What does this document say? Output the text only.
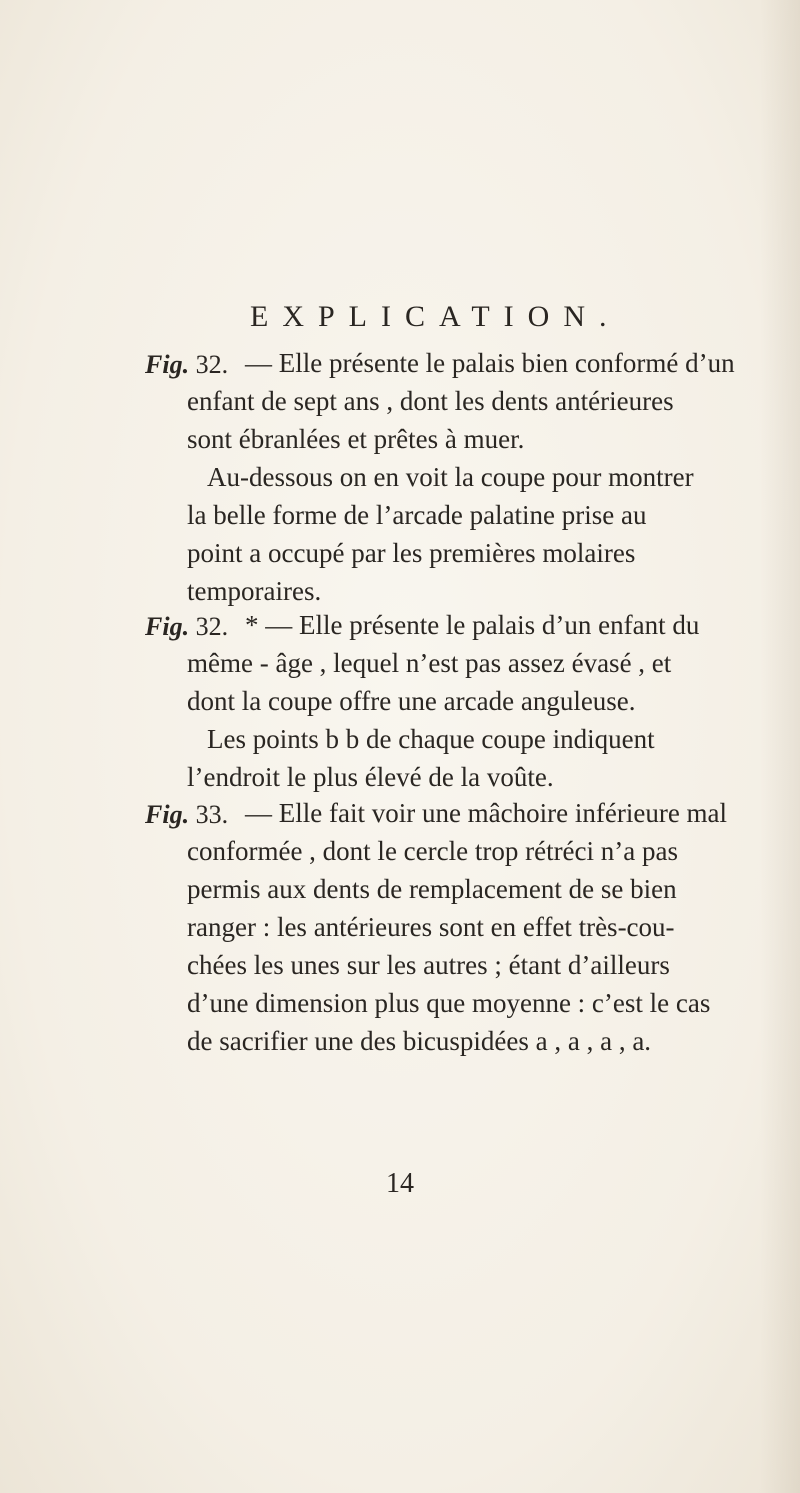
EXPLICATION.
Fig. 32. — Elle présente le palais bien conformé d’un
enfant de sept ans , dont les dents antérieures
sont ébranlées et prêtes à muer.
Au-dessous on en voit la coupe pour montrer
la belle forme de l’arcade palatine prise au
point a occupé par les premières molaires
temporaires.
Fig. 32. * — Elle présente le palais d’un enfant du
même - âge , lequel n’est pas assez évasé , et
dont la coupe offre une arcade anguleuse.
Les points b b de chaque coupe indiquent
l’endroit le plus élevé de la voûte.
Fig. 33. — Elle fait voir une mâchoire inférieure mal
conformée , dont le cercle trop rétréci n’a pas
permis aux dents de remplacement de se bien
ranger : les antérieures sont en effet très-cou-
chées les unes sur les autres ; étant d’ailleurs
d’une dimension plus que moyenne : c’est le cas
de sacrifier une des bicuspidées a , a , a , a.
14
